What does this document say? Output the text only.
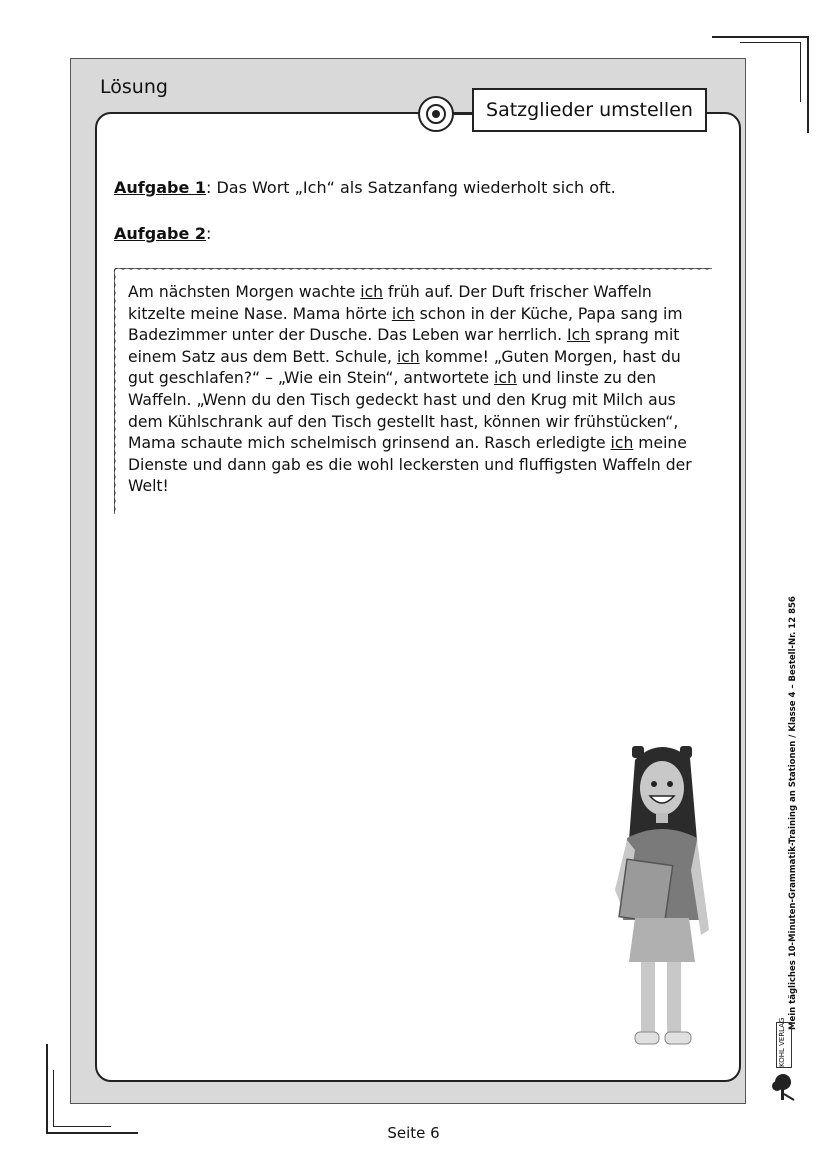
Lösung
Satzglieder umstellen
Aufgabe 1: Das Wort „Ich“ als Satzanfang wiederholt sich oft.
Aufgabe 2:
Am nächsten Morgen wachte ich früh auf. Der Duft frischer Waffeln kitzelte meine Nase. Mama hörte ich schon in der Küche, Papa sang im Badezimmer unter der Dusche. Das Leben war herrlich. Ich sprang mit einem Satz aus dem Bett. Schule, ich komme! „Guten Morgen, hast du gut geschlafen?“ – „Wie ein Stein“, antwortete ich und linste zu den Waffeln. „Wenn du den Tisch gedeckt hast und den Krug mit Milch aus dem Kühlschrank auf den Tisch gestellt hast, können wir frühstücken“, Mama schaute mich schelmisch grinsend an. Rasch erledigte ich meine Dienste und dann gab es die wohl leckersten und fluffigsten Waffeln der Welt!
Mein tägliches 10-Minuten-Grammatik-Training an Stationen / Klasse 4 – Bestell-Nr. 12 856
KOHL VERLAG
Seite 6
